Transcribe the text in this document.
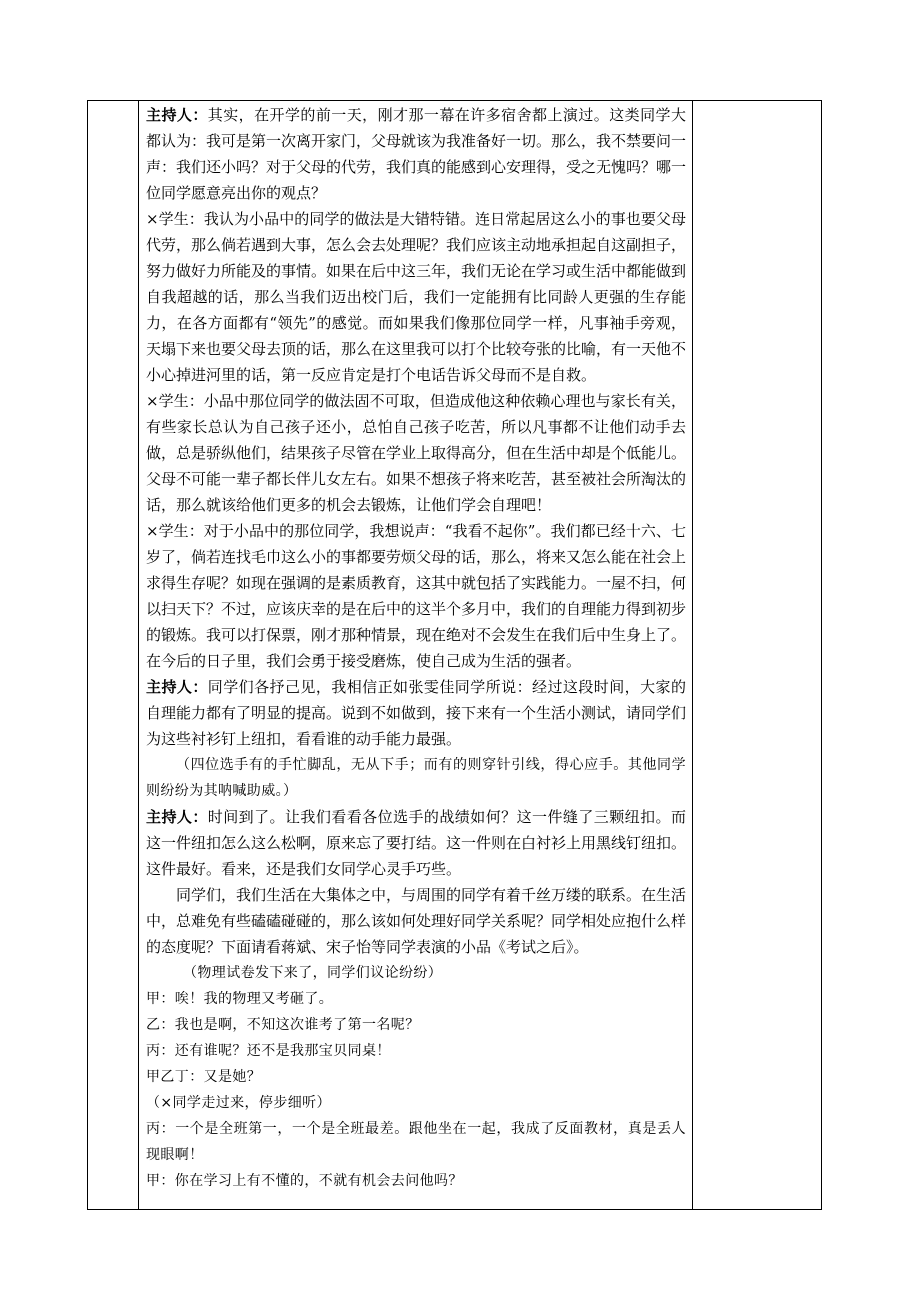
主持人：其实，在开学的前一天，刚才那一幕在许多宿舍都上演过。这类同学大都认为：我可是第一次离开家门，父母就该为我准备好一切。那么，我不禁要问一声：我们还小吗？对于父母的代劳，我们真的能感到心安理得，受之无愧吗？哪一位同学愿意亮出你的观点？

×学生：我认为小品中的同学的做法是大错特错。连日常起居这么小的事也要父母代劳，那么倘若遇到大事，怎么会去处理呢？我们应该主动地承担起自这副担子，努力做好力所能及的事情。如果在后中这三年，我们无论在学习或生活中都能做到自我超越的话，那么当我们迈出校门后，我们一定能拥有比同龄人更强的生存能力，在各方面都有“领先”的感觉。而如果我们像那位同学一样，凡事袖手旁观，天塌下来也要父母去顶的话，那么在这里我可以打个比较夸张的比喻，有一天他不小心掉进河里的话，第一反应肯定是打个电话告诉父母而不是自救。

×学生：小品中那位同学的做法固不可取，但造成他这种依赖心理也与家长有关，有些家长总认为自己孩子还小，总怕自己孩子吃苦，所以凡事都不让他们动手去做，总是骄纵他们，结果孩子尽管在学业上取得高分，但在生活中却是个低能儿。父母不可能一辈子都长伴儿女左右。如果不想孩子将来吃苦，甚至被社会所淘汰的话，那么就该给他们更多的机会去锻炼，让他们学会自理吧！

×学生：对于小品中的那位同学，我想说声：“我看不起你”。我们都已经十六、七岁了，倘若连找毛巾这么小的事都要劳烦父母的话，那么，将来又怎么能在社会上求得生存呢？如现在强调的是素质教育，这其中就包括了实践能力。一屋不扫，何以扫天下？不过，应该庆幸的是在后中的这半个多月中，我们的自理能力得到初步的锻炼。我可以打保票，刚才那种情景，现在绝对不会发生在我们后中生身上了。在今后的日子里，我们会勇于接受磨炼，使自己成为生活的强者。

主持人：同学们各抒己见，我相信正如张雯佳同学所说：经过这段时间，大家的自理能力都有了明显的提高。说到不如做到，接下来有一个生活小测试，请同学们为这些衬衫钉上纽扣，看看谁的动手能力最强。

（四位选手有的手忙脚乱，无从下手；而有的则穿针引线，得心应手。其他同学则纷纷为其呐喊助威。）

主持人：时间到了。让我们看看各位选手的战绩如何？这一件缝了三颗纽扣。而这一件纽扣怎么这么松啊，原来忘了要打结。这一件则在白衬衫上用黑线钉纽扣。这件最好。看来，还是我们女同学心灵手巧些。

同学们，我们生活在大集体之中，与周围的同学有着千丝万缕的联系。在生活中，总难免有些磕磕碰碰的，那么该如何处理好同学关系呢？同学相处应抱什么样的态度呢？下面请看蒋斌、宋子怡等同学表演的小品《考试之后》。

（物理试卷发下来了，同学们议论纷纷）

甲：唉！我的物理又考砸了。

乙：我也是啊，不知这次谁考了第一名呢？

丙：还有谁呢？还不是我那宝贝同桌！

甲乙丁：又是她？

（×同学走过来，停步细听）

丙：一个是全班第一，一个是全班最差。跟他坐在一起，我成了反面教材，真是丢人现眼啊！

甲：你在学习上有不懂的，不就有机会去问他吗？
